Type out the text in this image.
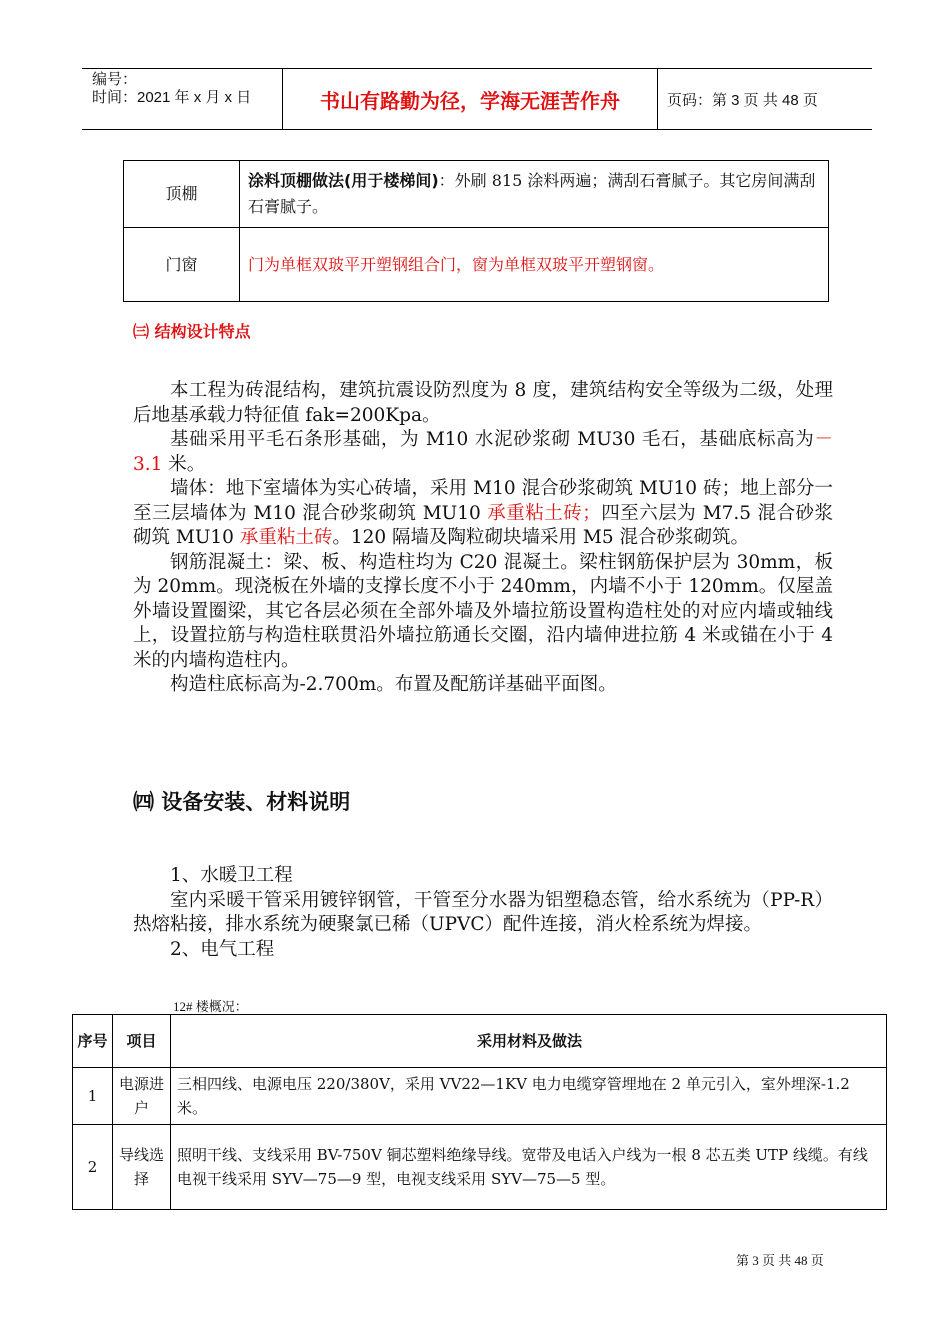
编号：
时间：2021 年 x 月 x 日	书山有路勤为径，学海无涯苦作舟	页码：第 3 页 共 48 页
顶棚	涂料顶棚做法(用于楼梯间)：外刷 815 涂料两遍；满刮石膏腻子。其它房间满刮石膏腻子。
门窗	门为单框双玻平开塑钢组合门，窗为单框双玻平开塑钢窗。
㈢ 结构设计特点

本工程为砖混结构，建筑抗震设防烈度为 8 度，建筑结构安全等级为二级，处理后地基承载力特征值 fak=200Kpa。

基础采用平毛石条形基础，为 M10 水泥砂浆砌 MU30 毛石，基础底标高为－3.1 米。

墙体：地下室墙体为实心砖墙，采用 M10 混合砂浆砌筑 MU10 砖；地上部分一至三层墙体为 M10 混合砂浆砌筑 MU10 承重粘土砖；四至六层为 M7.5 混合砂浆砌筑 MU10 承重粘土砖。120 隔墙及陶粒砌块墙采用 M5 混合砂浆砌筑。

钢筋混凝土：梁、板、构造柱均为 C20 混凝土。梁柱钢筋保护层为 30mm，板为 20mm。现浇板在外墙的支撑长度不小于 240mm，内墙不小于 120mm。仅屋盖外墙设置圈梁，其它各层必须在全部外墙及外墙拉筋设置构造柱处的对应内墙或轴线上，设置拉筋与构造柱联贯沿外墙拉筋通长交圈，沿内墙伸进拉筋 4 米或锚在小于 4 米的内墙构造柱内。

构造柱底标高为-2.700m。布置及配筋详基础平面图。

㈣ 设备安装、材料说明

1、水暖卫工程

室内采暖干管采用镀锌钢管，干管至分水器为铝塑稳态管，给水系统为（PP-R）热熔粘接，排水系统为硬聚氯已稀（UPVC）配件连接，消火栓系统为焊接。

2、电气工程

12# 楼概况：
序号	项目	采用材料及做法
1	电源进户	三相四线、电源电压 220/380V，采用 VV22—1KV 电力电缆穿管埋地在 2 单元引入，室外埋深-1.2 米。
2	导线选择	照明干线、支线采用 BV-750V 铜芯塑料绝缘导线。宽带及电话入户线为一根 8 芯五类 UTP 线缆。有线电视干线采用 SYV—75—9 型，电视支线采用 SYV—75—5 型。
第 3 页 共 48 页
